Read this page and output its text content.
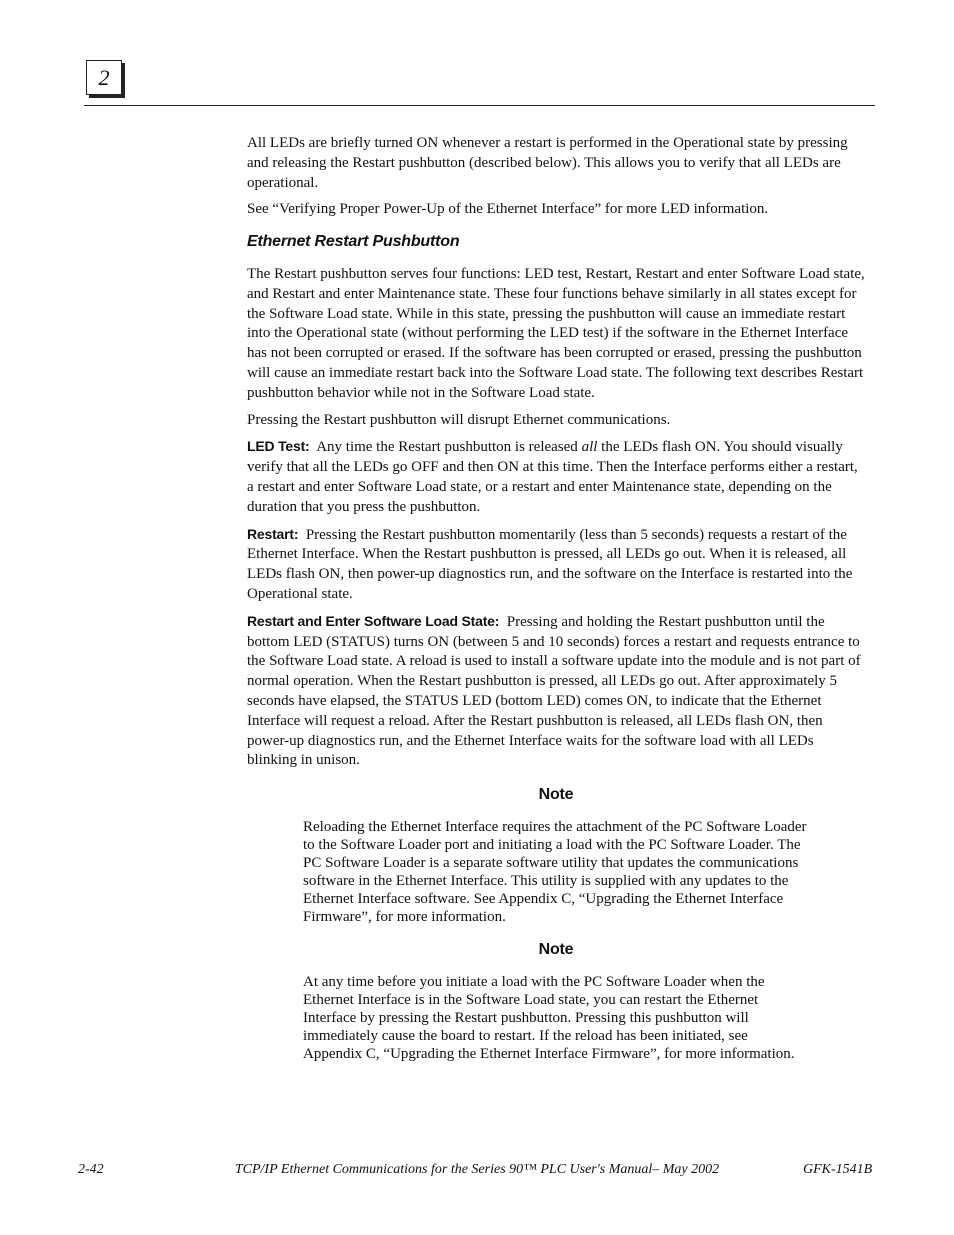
2

All LEDs are briefly turned ON whenever a restart is performed in the Operational state by pressing and releasing the Restart pushbutton (described below). This allows you to verify that all LEDs are operational.

See “Verifying Proper Power-Up of the Ethernet Interface” for more LED information.

Ethernet Restart Pushbutton

The Restart pushbutton serves four functions: LED test, Restart, Restart and enter Software Load state, and Restart and enter Maintenance state. These four functions behave similarly in all states except for the Software Load state. While in this state, pressing the pushbutton will cause an immediate restart into the Operational state (without performing the LED test) if the software in the Ethernet Interface has not been corrupted or erased. If the software has been corrupted or erased, pressing the pushbutton will cause an immediate restart back into the Software Load state. The following text describes Restart pushbutton behavior while not in the Software Load state.

Pressing the Restart pushbutton will disrupt Ethernet communications.

LED Test: Any time the Restart pushbutton is released all the LEDs flash ON. You should visually verify that all the LEDs go OFF and then ON at this time. Then the Interface performs either a restart, a restart and enter Software Load state, or a restart and enter Maintenance state, depending on the duration that you press the pushbutton.

Restart: Pressing the Restart pushbutton momentarily (less than 5 seconds) requests a restart of the Ethernet Interface. When the Restart pushbutton is pressed, all LEDs go out. When it is released, all LEDs flash ON, then power-up diagnostics run, and the software on the Interface is restarted into the Operational state.

Restart and Enter Software Load State: Pressing and holding the Restart pushbutton until the bottom LED (STATUS) turns ON (between 5 and 10 seconds) forces a restart and requests entrance to the Software Load state. A reload is used to install a software update into the module and is not part of normal operation. When the Restart pushbutton is pressed, all LEDs go out. After approximately 5 seconds have elapsed, the STATUS LED (bottom LED) comes ON, to indicate that the Ethernet Interface will request a reload. After the Restart pushbutton is released, all LEDs flash ON, then power-up diagnostics run, and the Ethernet Interface waits for the software load with all LEDs blinking in unison.

Note
Reloading the Ethernet Interface requires the attachment of the PC Software Loader to the Software Loader port and initiating a load with the PC Software Loader. The PC Software Loader is a separate software utility that updates the communications software in the Ethernet Interface. This utility is supplied with any updates to the Ethernet Interface software. See Appendix C, “Upgrading the Ethernet Interface Firmware”, for more information.
Note
At any time before you initiate a load with the PC Software Loader when the Ethernet Interface is in the Software Load state, you can restart the Ethernet Interface by pressing the Restart pushbutton. Pressing this pushbutton will immediately cause the board to restart. If the reload has been initiated, see Appendix C, “Upgrading the Ethernet Interface Firmware”, for more information.
2-42	TCP/IP Ethernet Communications for the Series 90™ PLC User's Manual– May 2002	GFK-1541B
